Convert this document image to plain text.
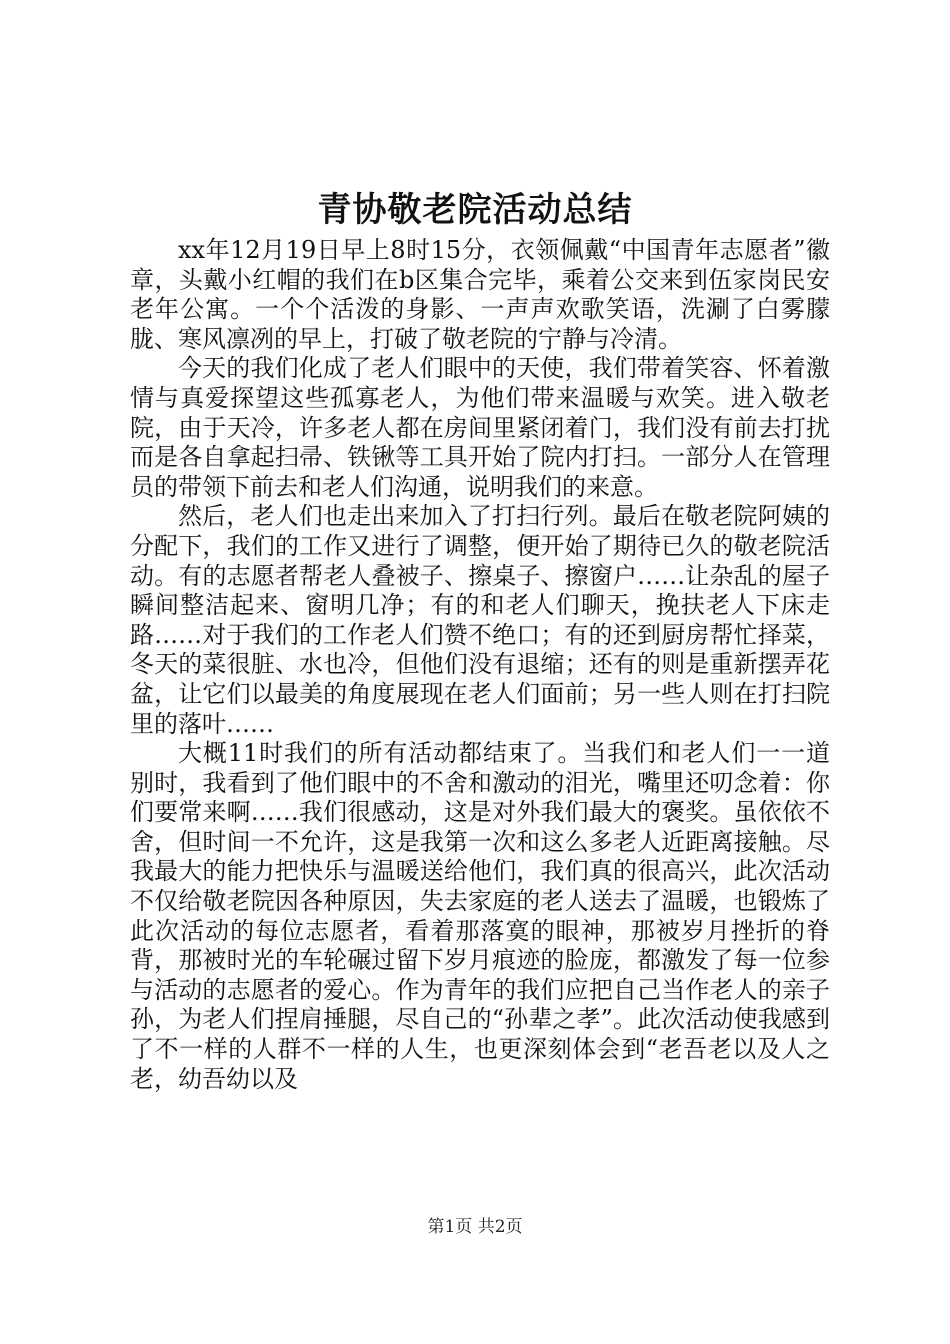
青协敬老院活动总结

xx年12月19日早上8时15分，衣领佩戴“中国青年志愿者”徽章，头戴小红帽的我们在b区集合完毕，乘着公交来到伍家岗民安老年公寓。一个个活泼的身影、一声声欢歌笑语，洗涮了白雾朦胧、寒风凛冽的早上，打破了敬老院的宁静与冷清。

今天的我们化成了老人们眼中的天使，我们带着笑容、怀着激情与真爱探望这些孤寡老人，为他们带来温暖与欢笑。进入敬老院，由于天冷，许多老人都在房间里紧闭着门，我们没有前去打扰而是各自拿起扫帚、铁锹等工具开始了院内打扫。一部分人在管理员的带领下前去和老人们沟通，说明我们的来意。

然后，老人们也走出来加入了打扫行列。最后在敬老院阿姨的分配下，我们的工作又进行了调整，便开始了期待已久的敬老院活动。有的志愿者帮老人叠被子、擦桌子、擦窗户……让杂乱的屋子瞬间整洁起来、窗明几净；有的和老人们聊天，挽扶老人下床走路……对于我们的工作老人们赞不绝口；有的还到厨房帮忙择菜，冬天的菜很脏、水也冷，但他们没有退缩；还有的则是重新摆弄花盆，让它们以最美的角度展现在老人们面前；另一些人则在打扫院里的落叶……

大概11时我们的所有活动都结束了。当我们和老人们一一道别时，我看到了他们眼中的不舍和激动的泪光，嘴里还叨念着：你们要常来啊……我们很感动，这是对外我们最大的褒奖。虽依依不舍，但时间一不允许，这是我第一次和这么多老人近距离接触。尽我最大的能力把快乐与温暖送给他们，我们真的很高兴，此次活动不仅给敬老院因各种原因，失去家庭的老人送去了温暖，也锻炼了此次活动的每位志愿者，看着那落寞的眼神，那被岁月挫折的脊背，那被时光的车轮碾过留下岁月痕迹的脸庞，都激发了每一位参与活动的志愿者的爱心。作为青年的我们应把自己当作老人的亲子孙，为老人们捏肩捶腿，尽自己的“孙辈之孝”。此次活动使我感到了不一样的人群不一样的人生，也更深刻体会到“老吾老以及人之老，幼吾幼以及

第1页 共2页
